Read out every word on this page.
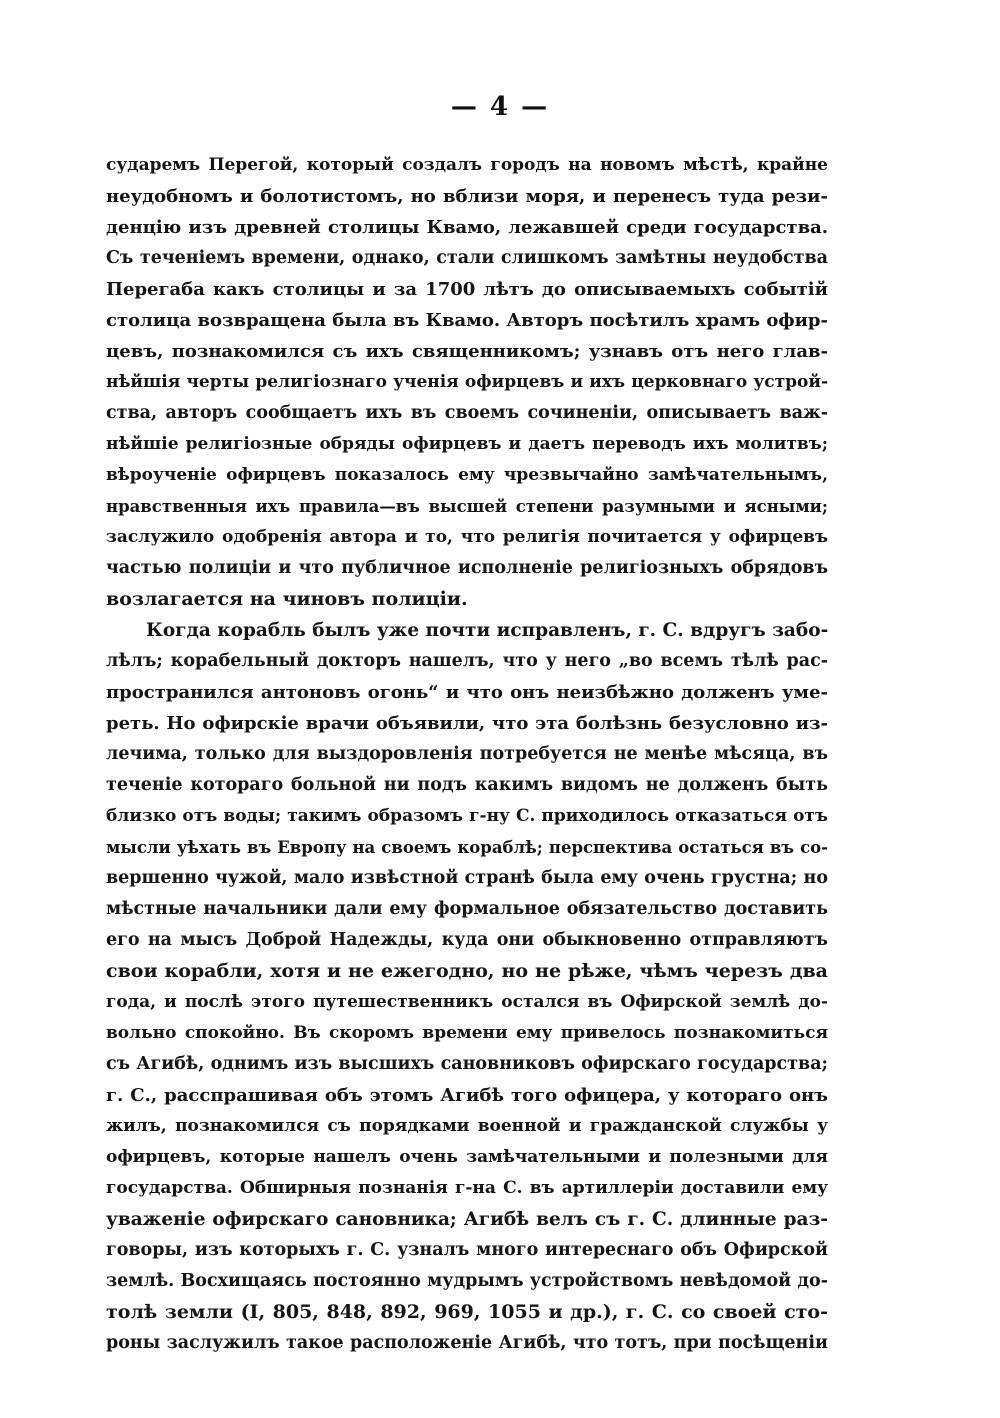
— 4 —
сударемъ Перегой, который создалъ городъ на новомъ мѣстѣ, крайне
неудобномъ и болотистомъ, но вблизи моря, и перенесъ туда рези-
денцію изъ древней столицы Квамо, лежавшей среди государства.
Съ теченіемъ времени, однако, стали слишкомъ замѣтны неудобства
Перегаба какъ столицы и за 1700 лѣтъ до описываемыхъ событій
столица возвращена была въ Квамо. Авторъ посѣтилъ храмъ офир-
цевъ, познакомился съ ихъ священникомъ; узнавъ отъ него глав-
нѣйшія черты религіознаго ученія офирцевъ и ихъ церковнаго устрой-
ства, авторъ сообщаетъ ихъ въ своемъ сочиненіи, описываетъ важ-
нѣйшіе религіозные обряды офирцевъ и даетъ переводъ ихъ молитвъ;
вѣроученіе офирцевъ показалось ему чрезвычайно замѣчательнымъ,
нравственныя ихъ правила—въ высшей степени разумными и ясными;
заслужило одобренія автора и то, что религія почитается у офирцевъ
частью полиціи и что публичное исполненіе религіозныхъ обрядовъ
возлагается на чиновъ полиціи.
Когда корабль былъ уже почти исправленъ, г. С. вдругъ забо-
лѣлъ; корабельный докторъ нашелъ, что у него „во всемъ тѣлѣ рас-
пространился антоновъ огонь“ и что онъ неизбѣжно долженъ уме-
реть. Но офирскіе врачи объявили, что эта болѣзнь безусловно из-
лечима, только для выздоровленія потребуется не менѣе мѣсяца, въ
теченіе котораго больной ни подъ какимъ видомъ не долженъ быть
близко отъ воды; такимъ образомъ г-ну С. приходилось отказаться отъ
мысли уѣхать въ Европу на своемъ кораблѣ; перспектива остаться въ со-
вершенно чужой, мало извѣстной странѣ была ему очень грустна; но
мѣстные начальники дали ему формальное обязательство доставить
его на мысъ Доброй Надежды, куда они обыкновенно отправляютъ
свои корабли, хотя и не ежегодно, но не рѣже, чѣмъ черезъ два
года, и послѣ этого путешественникъ остался въ Офирской землѣ до-
вольно спокойно. Въ скоромъ времени ему привелось познакомиться
съ Агибѣ, однимъ изъ высшихъ сановниковъ офирскаго государства;
г. С., расспрашивая объ этомъ Агибѣ того офицера, у котораго онъ
жилъ, познакомился съ порядками военной и гражданской службы у
офирцевъ, которые нашелъ очень замѣчательными и полезными для
государства. Обширныя познанія г-на С. въ артиллеріи доставили ему
уваженіе офирскаго сановника; Агибѣ велъ съ г. С. длинные раз-
говоры, изъ которыхъ г. С. узналъ много интереснаго объ Офирской
землѣ. Восхищаясь постоянно мудрымъ устройствомъ невѣдомой до-
толѣ земли (I, 805, 848, 892, 969, 1055 и др.), г. С. со своей сто-
роны заслужилъ такое расположеніе Агибѣ, что тотъ, при посѣщеніи
